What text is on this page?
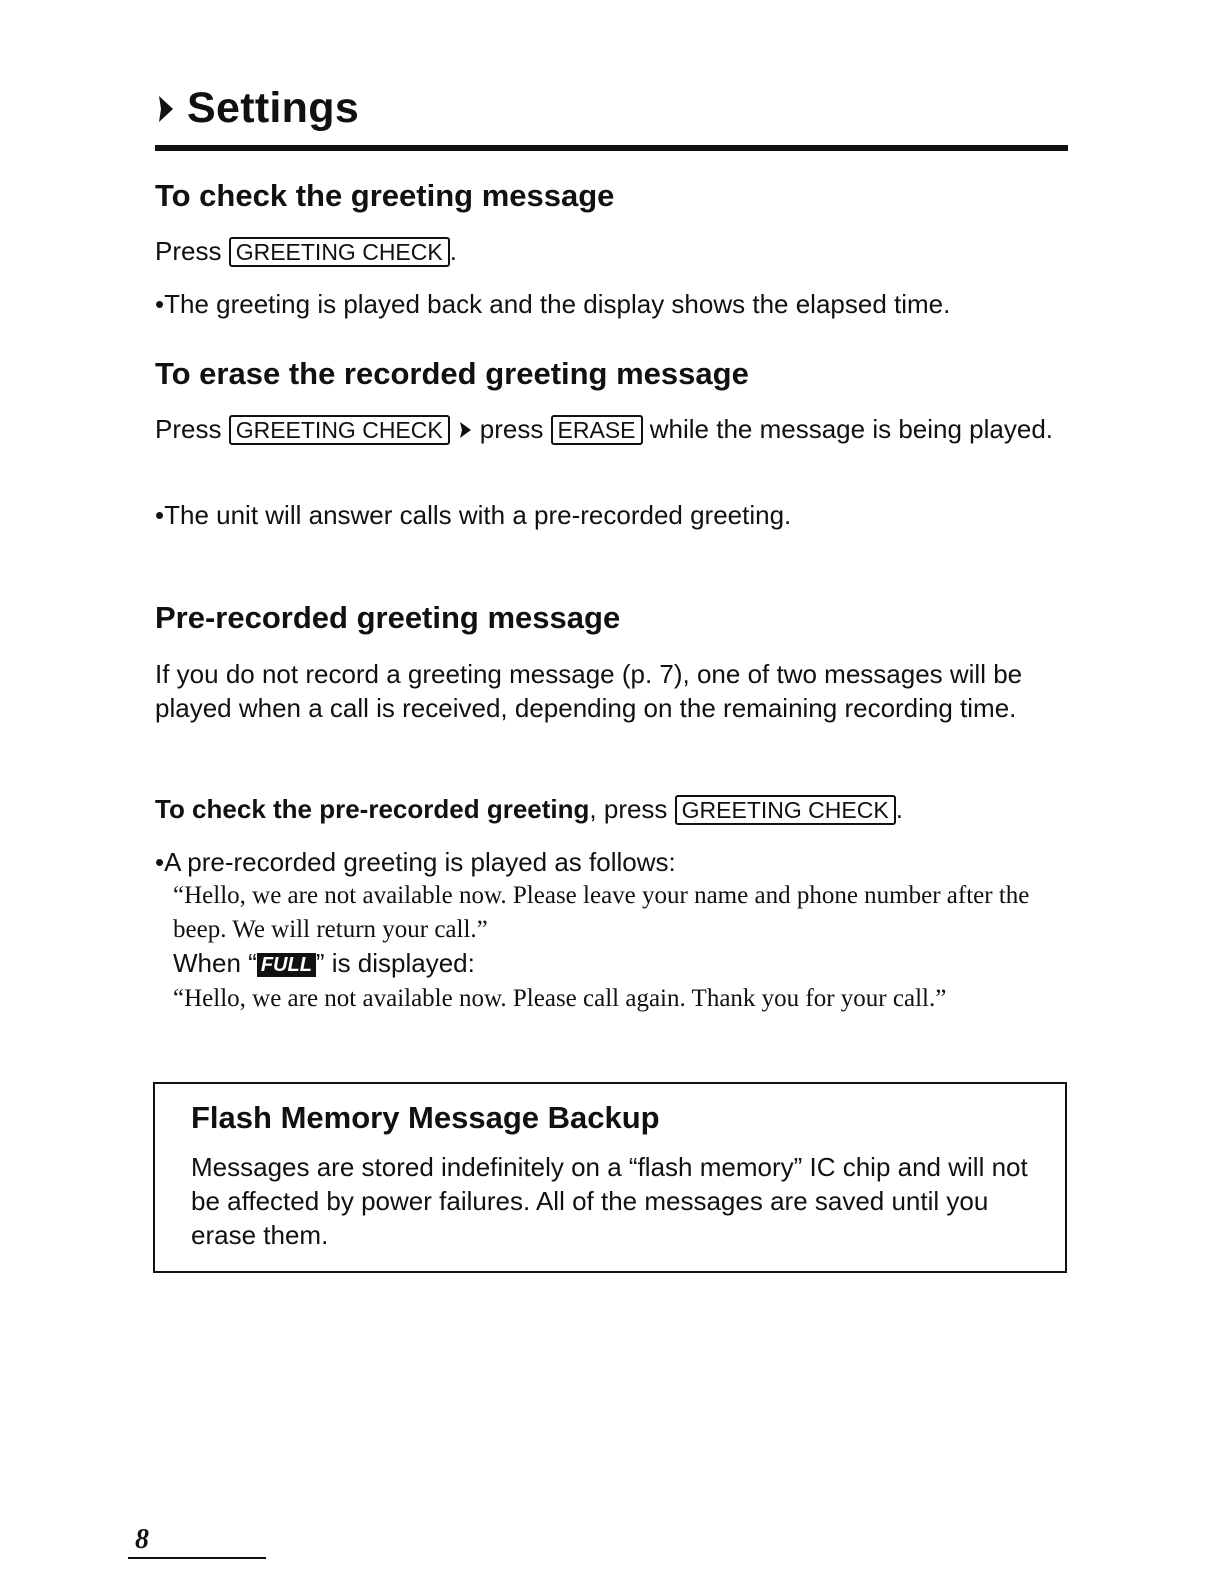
Settings
To check the greeting message

Press GREETING CHECK .

•The greeting is played back and the display shows the elapsed time.

To erase the recorded greeting message

Press GREETING CHECK press ERASE while the message is being played.

•The unit will answer calls with a pre-recorded greeting.

Pre-recorded greeting message

If you do not record a greeting message (p. 7), one of two messages will be played when a call is received, depending on the remaining recording time.

To check the pre-recorded greeting, press GREETING CHECK .

•A pre-recorded greeting is played as follows:

“Hello, we are not available now. Please leave your name and phone number after the beep. We will return your call.”

When “ FULL ” is displayed:

“Hello, we are not available now. Please call again. Thank you for your call.”

Flash Memory Message Backup

Messages are stored indefinitely on a “flash memory” IC chip and will not be affected by power failures. All of the messages are saved until you erase them.

8
